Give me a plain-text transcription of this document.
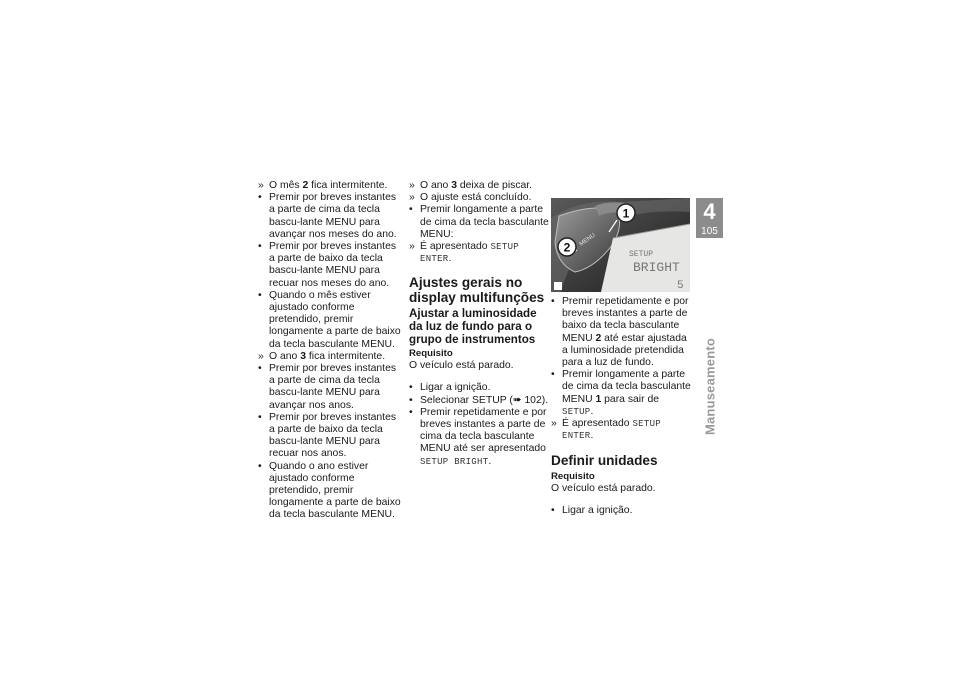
» O mês 2 fica intermitente.
• Premir por breves instantes a parte de cima da tecla bascu-lante MENU para avançar nos meses do ano.
• Premir por breves instantes a parte de baixo da tecla bascu-lante MENU para recuar nos meses do ano.
• Quando o mês estiver ajustado conforme pretendido, premir longamente a parte de baixo da tecla basculante MENU.
» O ano 3 fica intermitente.
• Premir por breves instantes a parte de cima da tecla bascu-lante MENU para avançar nos anos.
• Premir por breves instantes a parte de baixo da tecla bascu-lante MENU para recuar nos anos.
• Quando o ano estiver ajustado conforme pretendido, premir longamente a parte de baixo da tecla basculante MENU.
» O ano 3 deixa de piscar.
» O ajuste está concluído.
• Premir longamente a parte de cima da tecla basculante MENU:
» É apresentado SETUP ENTER.
Ajustes gerais no display multifunções
Ajustar a luminosidade da luz de fundo para o grupo de instrumentos
Requisito
O veículo está parado.
• Ligar a ignição.
• Selecionar SETUP (➠ 102).
• Premir repetidamente e por breves instantes a parte de cima da tecla basculante MENU até ser apresentado SETUP BRIGHT.
MENU
SETUP
BRIGHT
5
1
2
• Premir repetidamente e por breves instantes a parte de baixo da tecla basculante MENU 2 até estar ajustada a luminosidade pretendida para a luz de fundo.
• Premir longamente a parte de cima da tecla basculante MENU 1 para sair de SETUP.
» É apresentado SETUP ENTER.
Definir unidades
Requisito
O veículo está parado.
• Ligar a ignição.
4
105
Manuseamento
